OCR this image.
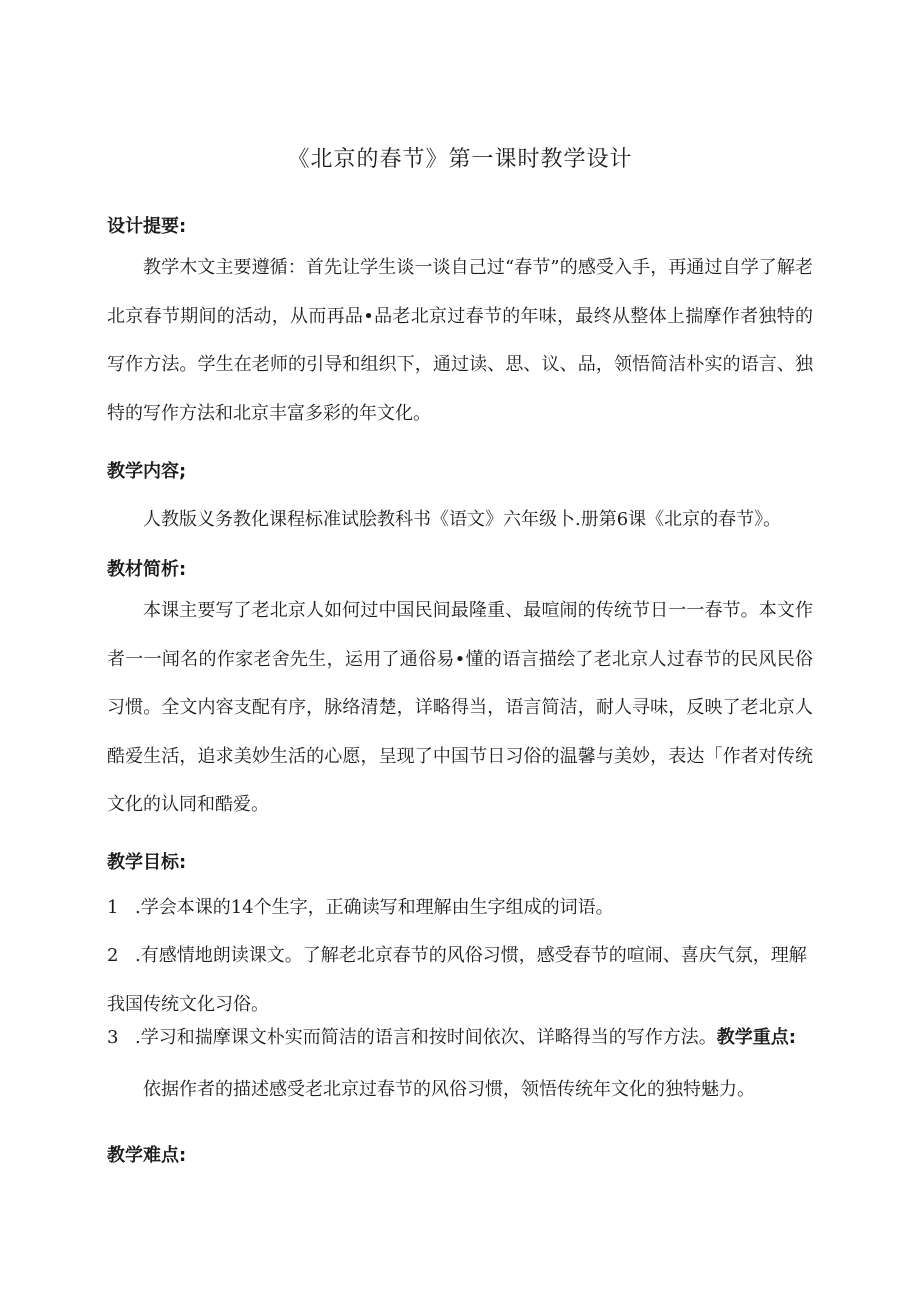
《北京的春节》第一课时教学设计
设计提要:

教学木文主要遵循：首先让学生谈一谈自己过“春节”的感受入手，再通过自学了解老北京春节期间的活动，从而再品•品老北京过春节的年味，最终从整体上揣摩作者独特的写作方法。学生在老师的引导和组织下，通过读、思、议、品，领悟简洁朴实的语言、独特的写作方法和北京丰富多彩的年文化。

教学内容;

人教版义务教化课程标准试脍教科书《语文》六年级卜.册第6课《北京的春节》。

教材简析:

本课主要写了老北京人如何过中国民间最隆重、最喧闹的传统节日一一春节。本文作者一一闻名的作家老舍先生，运用了通俗易•懂的语言描绘了老北京人过春节的民风民俗习惯。全文内容支配有序，脉络清楚，详略得当，语言简洁，耐人寻味，反映了老北京人酷爱生活，追求美妙生活的心愿，呈现了中国节日习俗的温馨与美妙，表达「作者对传统文化的认同和酷爱。

教学目标:

1 .学会本课的14个生字，正确读写和理解由生字组成的词语。

2 .有感情地朗读课文。了解老北京春节的风俗习惯，感受春节的喧闹、喜庆气氛，理解我国传统文化习俗。

3 .学习和揣摩课文朴实而简洁的语言和按时间依次、详略得当的写作方法。教学重点:

依据作者的描述感受老北京过春节的风俗习惯，领悟传统年文化的独特魅力。

教学难点:
